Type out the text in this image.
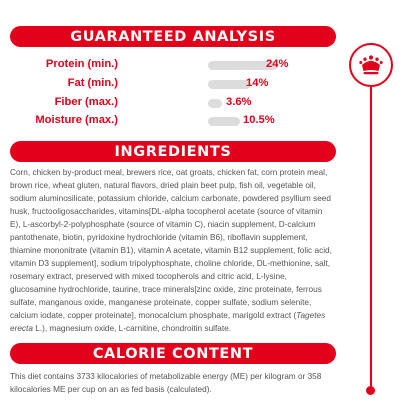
GUARANTEED ANALYSIS
Protein (min.)	24%
Fat (min.)	14%
Fiber (max.)	3.6%
Moisture (max.)	10.5%
INGREDIENTS

Corn, chicken by-product meal, brewers rice, oat groats, chicken fat, corn protein meal, brown rice, wheat gluten, natural flavors, dried plain beet pulp, fish oil, vegetable oil, sodium aluminosilicate, potassium chloride, calcium carbonate, powdered psyllium seed husk, fructooligosaccharides, vitamins[DL-alpha tocopherol acetate (source of vitamin E), L-ascorbyl-2-polyphosphate (source of vitamin C), niacin supplement, D-calcium pantothenate, biotin, pyridoxine hydrochloride (vitamin B6), riboflavin supplement, thiamine mononitrate (vitamin B1), vitamin A acetate, vitamin B12 supplement, folic acid, vitamin D3 supplement], sodium tripolyphosphate, choline chloride, DL-methionine, salt, rosemary extract, preserved with mixed tocopherols and citric acid, L-lysine, glucosamine hydrochloride, taurine, trace minerals[zinc oxide, zinc proteinate, ferrous sulfate, manganous oxide, manganese proteinate, copper sulfate, sodium selenite, calcium iodate, copper proteinate], monocalcium phosphate, marigold extract (Tagetes erecta L.), magnesium oxide, L-carnitine, chondroitin sulfate.

CALORIE CONTENT

This diet contains 3733 kilocalories of metabolizable energy (ME) per kilogram or 358 kilocalories ME per cup on an as fed basis (calculated).
